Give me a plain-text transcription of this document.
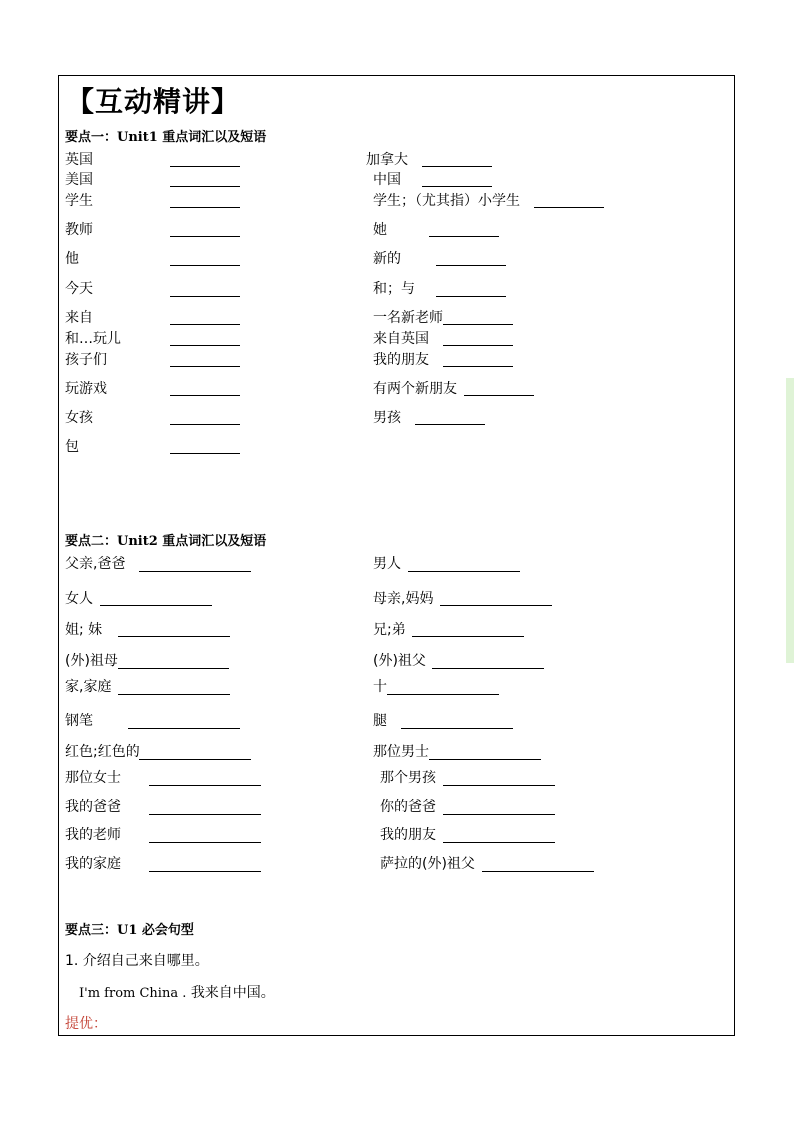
【互动精讲】
要点一：Unit1 重点词汇以及短语
英国
美国
学生
教师
他
今天
来自
和…玩儿
孩子们
玩游戏
女孩
包
加拿大
中国
学生；（尤其指）小学生
她
新的
和；与
一名新老师
来自英国
我的朋友
有两个新朋友
男孩
要点二：Unit2 重点词汇以及短语
父亲,爸爸
女人
姐; 妹
(外)祖母
家,家庭
钢笔
红色;红色的
那位女士
我的爸爸
我的老师
我的家庭
男人
母亲,妈妈
兄;弟
(外)祖父
十
腿
那位男士
那个男孩
你的爸爸
我的朋友
萨拉的(外)祖父
要点三：U1 必会句型
1. 介绍自己来自哪里。
I'm from China . 我来自中国。
提优：
